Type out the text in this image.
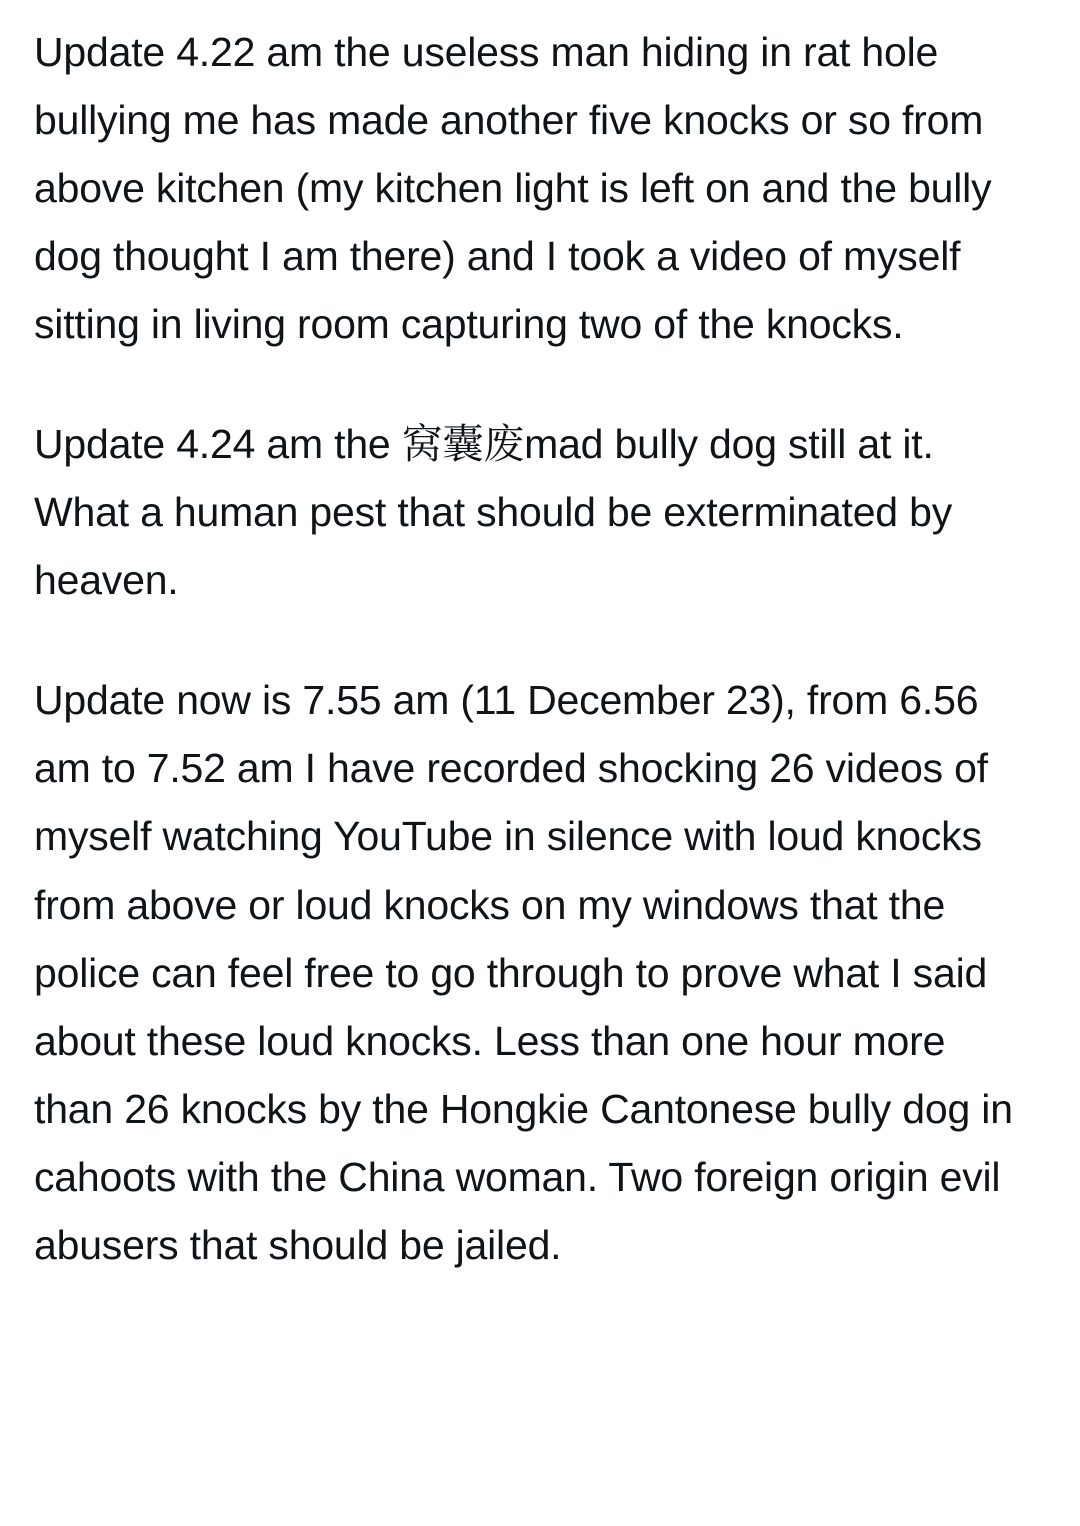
Update 4.22 am the useless man hiding in rat hole bullying me has made another five knocks or so from above kitchen (my kitchen light is left on and the bully dog thought I am there) and I took a video of myself sitting in living room capturing two of the knocks.

Update 4.24 am the 窝囊废mad bully dog still at it. What a human pest that should be exterminated by heaven.

Update now is 7.55 am (11 December 23), from 6.56 am to 7.52 am I have recorded shocking 26 videos of myself watching YouTube in silence with loud knocks from above or loud knocks on my windows that the police can feel free to go through to prove what I said about these loud knocks. Less than one hour more than 26 knocks by the Hongkie Cantonese bully dog in cahoots with the China woman. Two foreign origin evil abusers that should be jailed.
